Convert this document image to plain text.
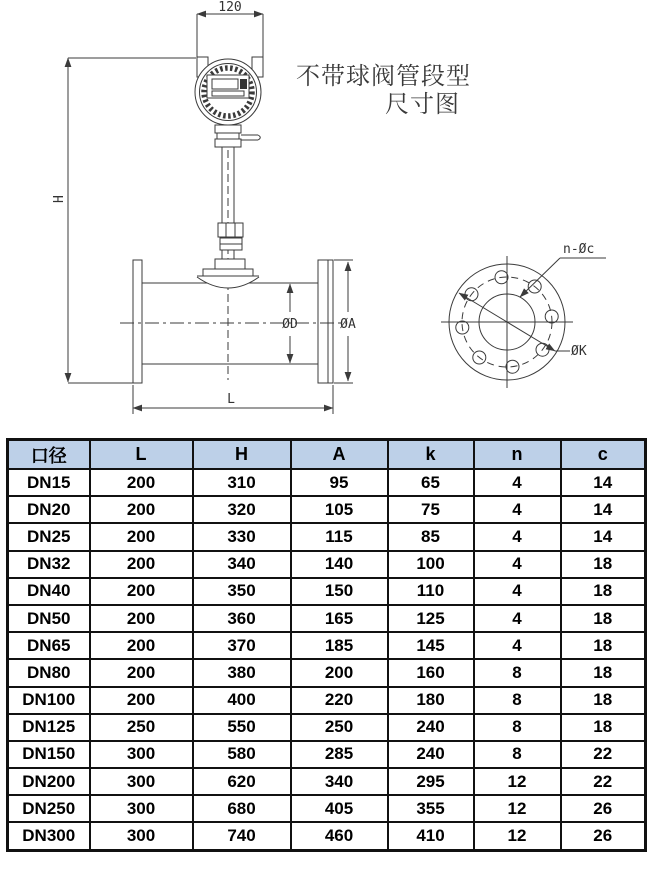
120
H
ØD	ØA
L
n-Øc
ØK
不带球阀管段型
尺寸图
口径	L	H	A	k	n	c
DN15	200	310	95	65	4	14
DN20	200	320	105	75	4	14
DN25	200	330	115	85	4	14
DN32	200	340	140	100	4	18
DN40	200	350	150	110	4	18
DN50	200	360	165	125	4	18
DN65	200	370	185	145	4	18
DN80	200	380	200	160	8	18
DN100	200	400	220	180	8	18
DN125	250	550	250	240	8	18
DN150	300	580	285	240	8	22
DN200	300	620	340	295	12	22
DN250	300	680	405	355	12	26
DN300	300	740	460	410	12	26
